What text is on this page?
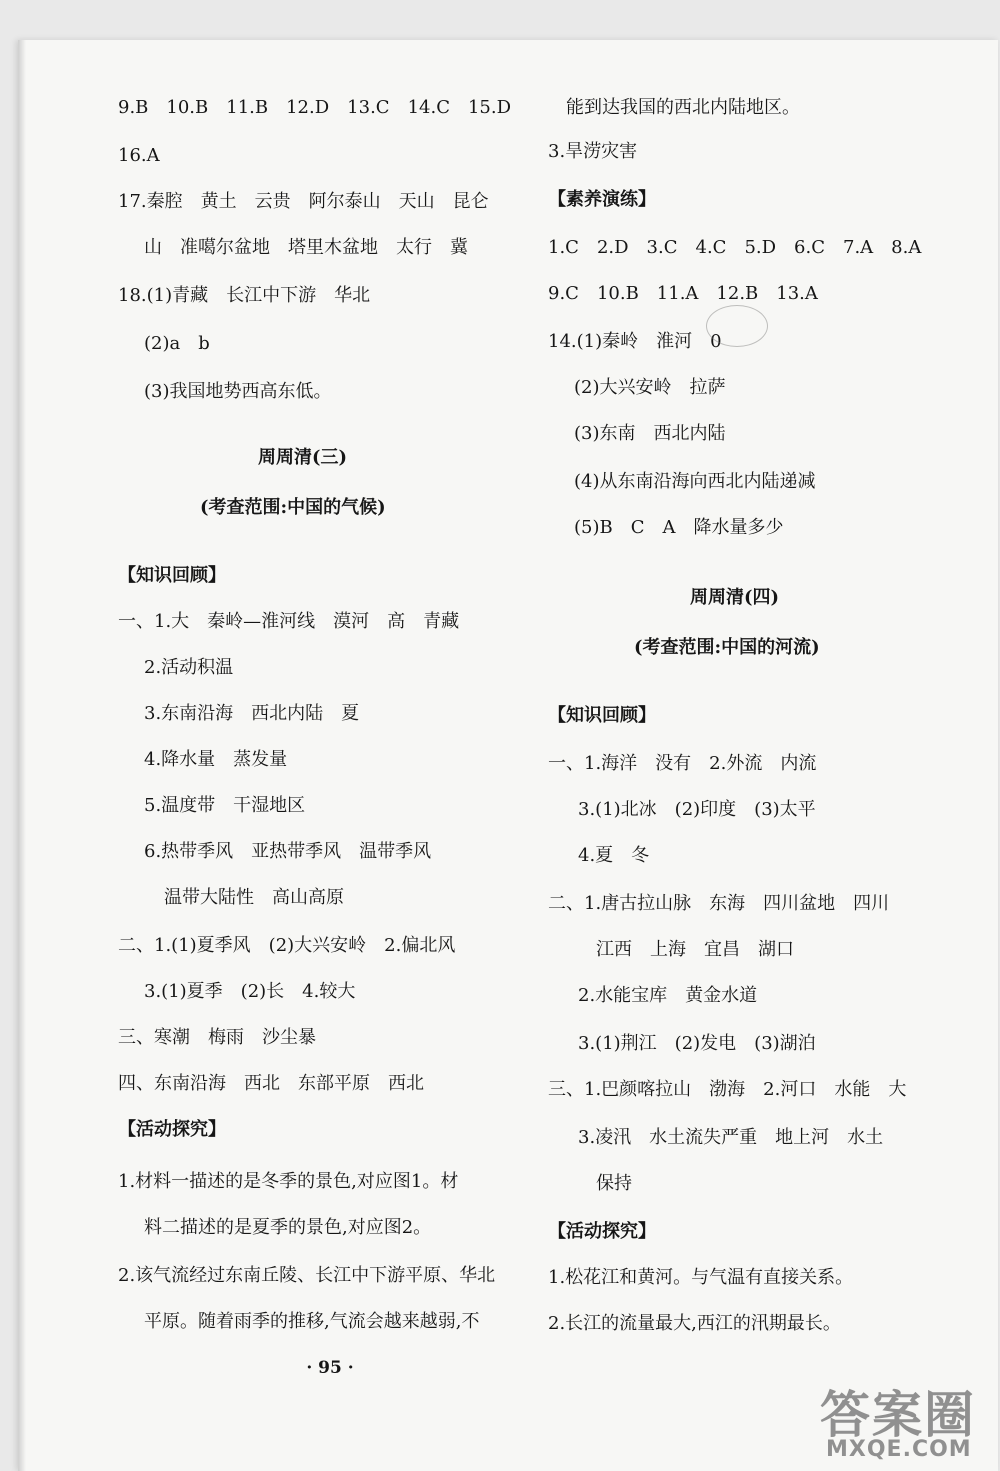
9.B　10.B　11.B　12.D　13.C　14.C　15.D
16.A
17.秦腔　黄土　云贵　阿尔泰山　天山　昆仑
山　准噶尔盆地　塔里木盆地　太行　冀
18.(1)青藏　长江中下游　华北
(2)a　b
(3)我国地势西高东低。
周周清(三)
(考查范围:中国的气候)
【知识回顾】
一、1.大　秦岭—淮河线　漠河　高　青藏
2.活动积温
3.东南沿海　西北内陆　夏
4.降水量　蒸发量
5.温度带　干湿地区
6.热带季风　亚热带季风　温带季风
温带大陆性　高山高原
二、1.(1)夏季风　(2)大兴安岭　2.偏北风
3.(1)夏季　(2)长　4.较大
三、寒潮　梅雨　沙尘暴
四、东南沿海　西北　东部平原　西北
【活动探究】
1.材料一描述的是冬季的景色,对应图1。材
料二描述的是夏季的景色,对应图2。
2.该气流经过东南丘陵、长江中下游平原、华北
平原。随着雨季的推移,气流会越来越弱,不
能到达我国的西北内陆地区。
3.旱涝灾害
【素养演练】
1.C　2.D　3.C　4.C　5.D　6.C　7.A　8.A
9.C　10.B　11.A　12.B　13.A
14.(1)秦岭　淮河　0
(2)大兴安岭　拉萨
(3)东南　西北内陆
(4)从东南沿海向西北内陆递减
(5)B　C　A　降水量多少
周周清(四)
(考查范围:中国的河流)
【知识回顾】
一、1.海洋　没有　2.外流　内流
3.(1)北冰　(2)印度　(3)太平
4.夏　冬
二、1.唐古拉山脉　东海　四川盆地　四川
江西　上海　宜昌　湖口
2.水能宝库　黄金水道
3.(1)荆江　(2)发电　(3)湖泊
三、1.巴颜喀拉山　渤海　2.河口　水能　大
3.凌汛　水土流失严重　地上河　水土
保持
【活动探究】
1.松花江和黄河。与气温有直接关系。
2.长江的流量最大,西江的汛期最长。
· 95 ·
答案圈
MXQE.COM
